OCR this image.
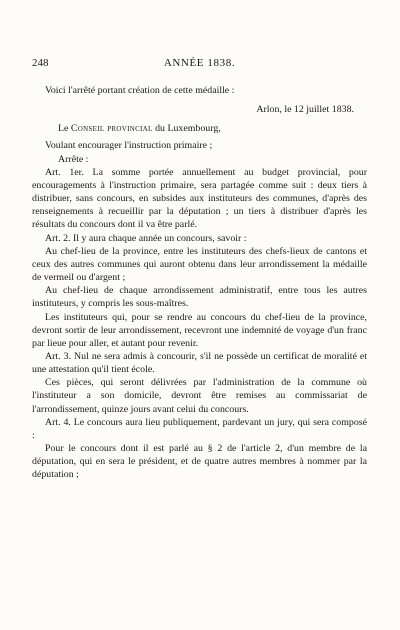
248	ANNÉE 1838.

Voici l'arrêté portant création de cette médaille :

Arlon, le 12 juillet 1838.

Le Conseil provincial du Luxembourg,

Voulant encourager l'instruction primaire ;

Arrête :

Art. 1er. La somme portée annuellement au budget provincial, pour encouragements à l'instruction primaire, sera partagée comme suit : deux tiers à distribuer, sans concours, en subsides aux instituteurs des communes, d'après des renseignements à recueillir par la députation ; un tiers à distribuer d'après les résultats du concours dont il va être parlé.

Art. 2. Il y aura chaque année un concours, savoir :

Au chef-lieu de la province, entre les instituteurs des chefs-lieux de cantons et ceux des autres communes qui auront obtenu dans leur arrondissement la médaille de vermeil ou d'argent ;

Au chef-lieu de chaque arrondissement administratif, entre tous les autres instituteurs, y compris les sous-maîtres.

Les instituteurs qui, pour se rendre au concours du chef-lieu de la province, devront sortir de leur arrondissement, recevront une indemnité de voyage d'un franc par lieue pour aller, et autant pour revenir.

Art. 3. Nul ne sera admis à concourir, s'il ne possède un certificat de moralité et une attestation qu'il tient école.

Ces pièces, qui seront délivrées par l'administration de la commune où l'instituteur a son domicile, devront être remises au commissariat de l'arrondissement, quinze jours avant celui du concours.

Art. 4. Le concours aura lieu publiquement, pardevant un jury, qui sera composé :

Pour le concours dont il est parlé au § 2 de l'article 2, d'un membre de la députation, qui en sera le président, et de quatre autres membres à nommer par la députation ;
